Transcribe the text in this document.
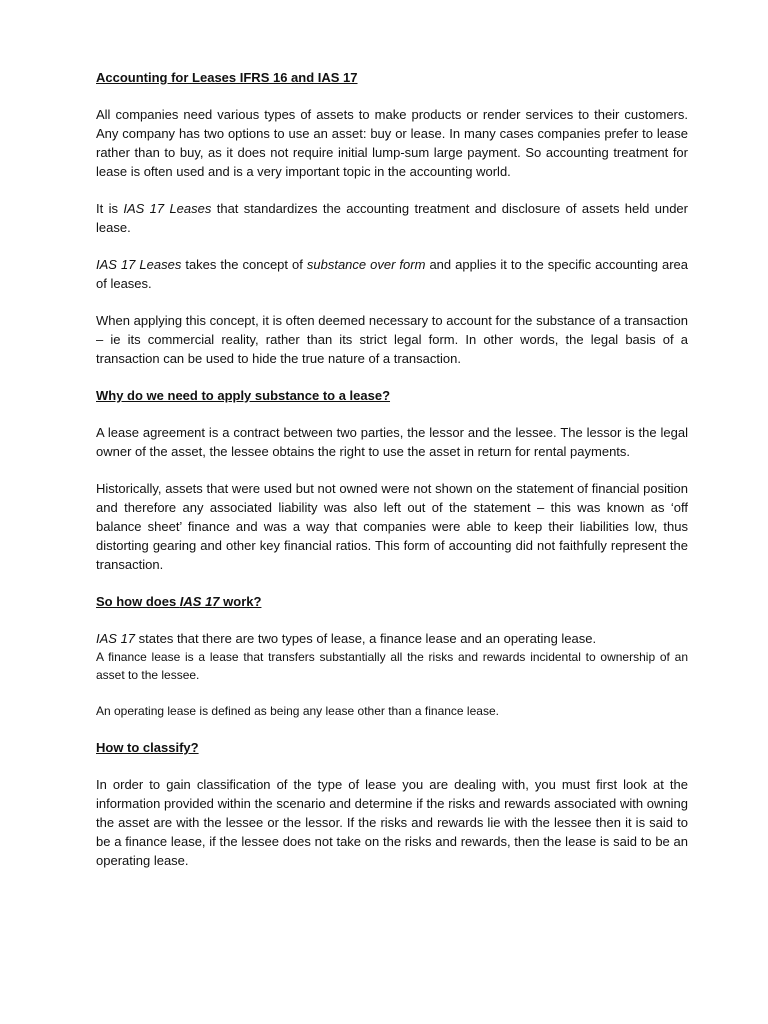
Accounting for Leases IFRS 16 and IAS 17

All companies need various types of assets to make products or render services to their customers. Any company has two options to use an asset: buy or lease. In many cases companies prefer to lease rather than to buy, as it does not require initial lump-sum large payment. So accounting treatment for lease is often used and is a very important topic in the accounting world.

It is IAS 17 Leases that standardizes the accounting treatment and disclosure of assets held under lease.

IAS 17 Leases takes the concept of substance over form and applies it to the specific accounting area of leases.

When applying this concept, it is often deemed necessary to account for the substance of a transaction – ie its commercial reality, rather than its strict legal form. In other words, the legal basis of a transaction can be used to hide the true nature of a transaction.

Why do we need to apply substance to a lease?

A lease agreement is a contract between two parties, the lessor and the lessee. The lessor is the legal owner of the asset, the lessee obtains the right to use the asset in return for rental payments.

Historically, assets that were used but not owned were not shown on the statement of financial position and therefore any associated liability was also left out of the statement – this was known as ‘off balance sheet’ finance and was a way that companies were able to keep their liabilities low, thus distorting gearing and other key financial ratios. This form of accounting did not faithfully represent the transaction.

So how does IAS 17 work?

IAS 17 states that there are two types of lease, a finance lease and an operating lease.

A finance lease is a lease that transfers substantially all the risks and rewards incidental to ownership of an asset to the lessee.

An operating lease is defined as being any lease other than a finance lease.

How to classify?

In order to gain classification of the type of lease you are dealing with, you must first look at the information provided within the scenario and determine if the risks and rewards associated with owning the asset are with the lessee or the lessor. If the risks and rewards lie with the lessee then it is said to be a finance lease, if the lessee does not take on the risks and rewards, then the lease is said to be an operating lease.
